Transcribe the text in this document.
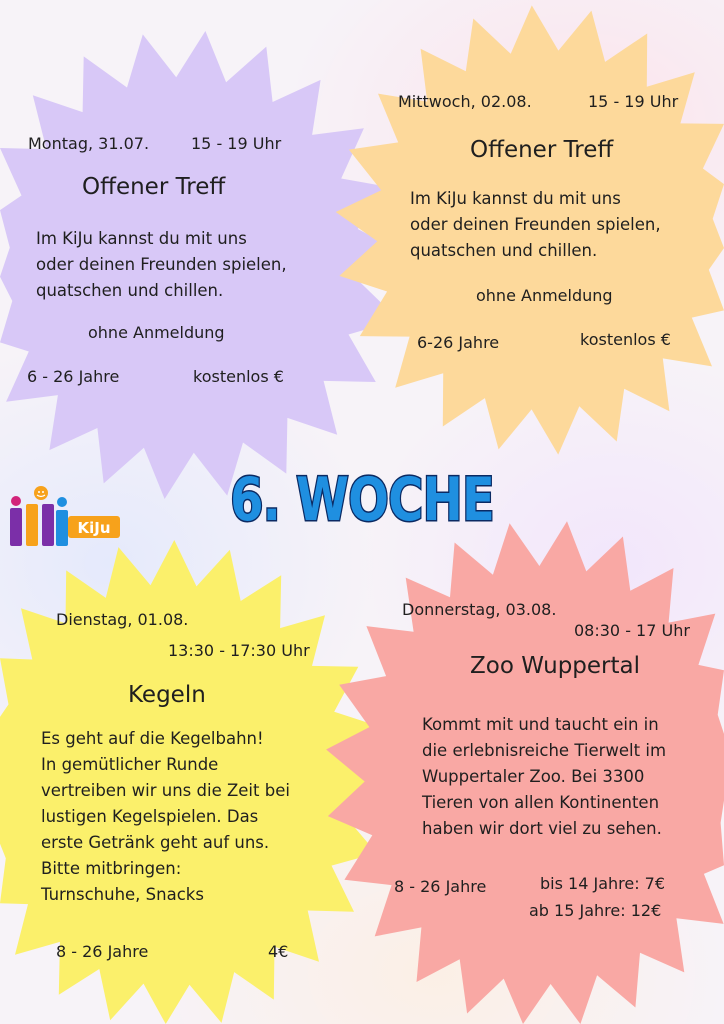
Montag, 31.07.	15 - 19 Uhr
Offener Treff
Im KiJu kannst du mit uns
oder deinen Freunden spielen,
quatschen und chillen.
ohne Anmeldung
6 - 26 Jahre	kostenlos €
Mittwoch, 02.08.	15 - 19 Uhr
Offener Treff
Im KiJu kannst du mit uns
oder deinen Freunden spielen,
quatschen und chillen.
ohne Anmeldung
6-26 Jahre	kostenlos €
6. WOCHE
KiJu
Dienstag, 01.08.
13:30 - 17:30 Uhr
Kegeln
Es geht auf die Kegelbahn!
In gemütlicher Runde
vertreiben wir uns die Zeit bei
lustigen Kegelspielen. Das
erste Getränk geht auf uns.
Bitte mitbringen:
Turnschuhe, Snacks
8 - 26 Jahre	4€
Donnerstag, 03.08.
08:30 - 17 Uhr
Zoo Wuppertal
Kommt mit und taucht ein in
die erlebnisreiche Tierwelt im
Wuppertaler Zoo. Bei 3300
Tieren von allen Kontinenten
haben wir dort viel zu sehen.
8 - 26 Jahre	bis 14 Jahre: 7€
ab 15 Jahre: 12€
